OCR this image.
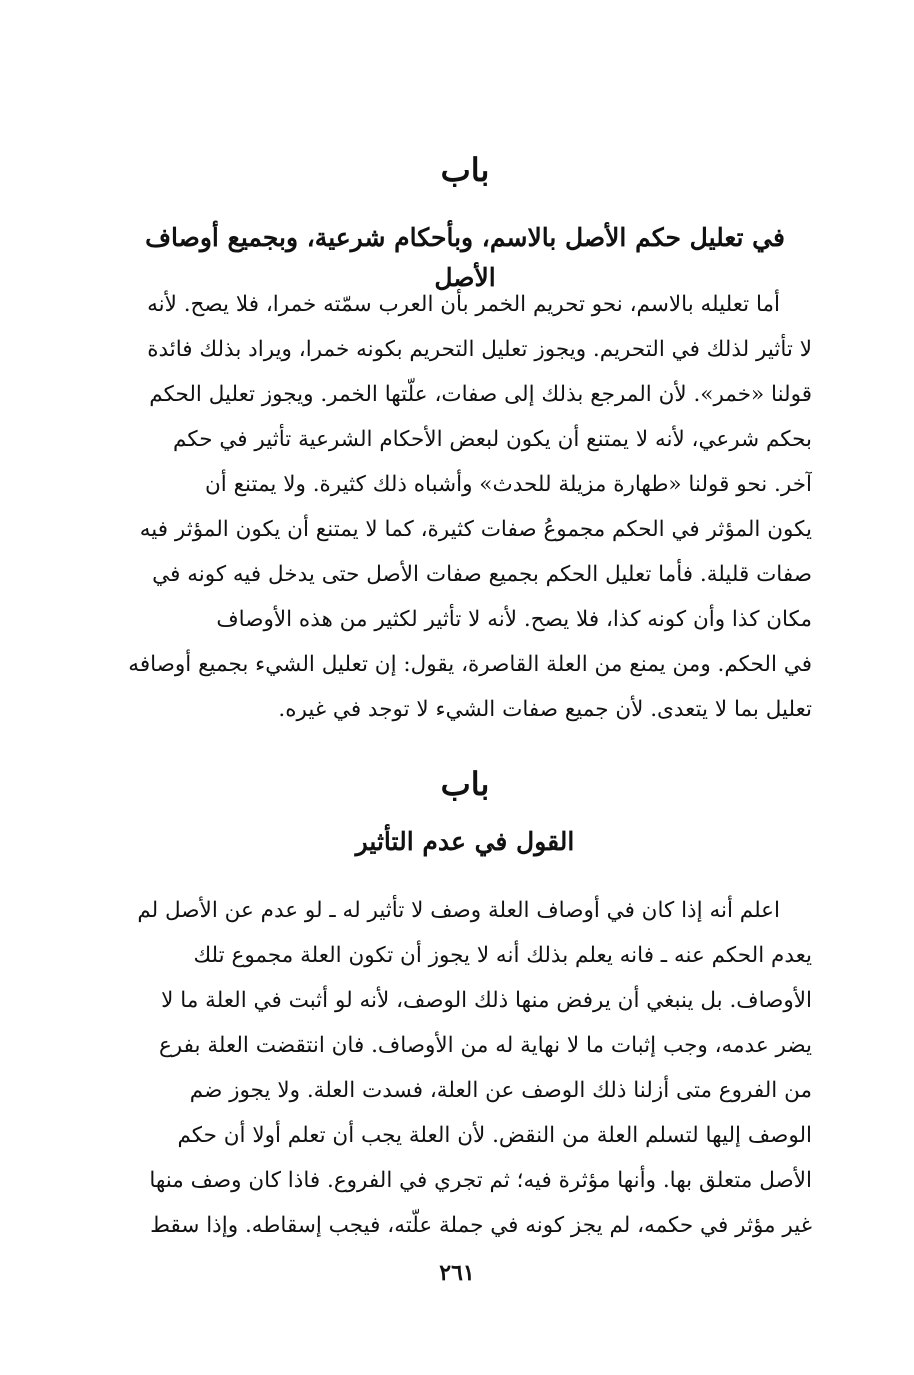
باب
في تعليل حكم الأصل بالاسم، وبأحكام شرعية، وبجميع أوصاف الأصل
أما تعليله بالاسم، نحو تحريم الخمر بأن العرب سمّته خمرا، فلا يصح. لأنه
لا تأثير لذلك في التحريم. ويجوز تعليل التحريم بكونه خمرا، ويراد بذلك فائدة
قولنا «خمر». لأن المرجع بذلك إلى صفات، علّتها الخمر. ويجوز تعليل الحكم
بحكم شرعي، لأنه لا يمتنع أن يكون لبعض الأحكام الشرعية تأثير في حكم
آخر. نحو قولنا «طهارة مزيلة للحدث» وأشباه ذلك كثيرة. ولا يمتنع أن
يكون المؤثر في الحكم مجموعُ صفات كثيرة، كما لا يمتنع أن يكون المؤثر فيه
صفات قليلة. فأما تعليل الحكم بجميع صفات الأصل حتى يدخل فيه كونه في
مكان كذا وأن كونه كذا، فلا يصح. لأنه لا تأثير لكثير من هذه الأوصاف
في الحكم. ومن يمنع من العلة القاصرة، يقول: إن تعليل الشيء بجميع أوصافه
تعليل بما لا يتعدى. لأن جميع صفات الشيء لا توجد في غيره.
باب
القول في عدم التأثير
اعلم أنه إذا كان في أوصاف العلة وصف لا تأثير له ـ لو عدم عن الأصل لم
يعدم الحكم عنه ـ فانه يعلم بذلك أنه لا يجوز أن تكون العلة مجموع تلك
الأوصاف. بل ينبغي أن يرفض منها ذلك الوصف، لأنه لو أثبت في العلة ما لا
يضر عدمه، وجب إثبات ما لا نهاية له من الأوصاف. فان انتقضت العلة بفرع
من الفروع متى أزلنا ذلك الوصف عن العلة، فسدت العلة. ولا يجوز ضم
الوصف إليها لتسلم العلة من النقض. لأن العلة يجب أن تعلم أولا أن حكم
الأصل متعلق بها. وأنها مؤثرة فيه؛ ثم تجري في الفروع. فاذا كان وصف منها
غير مؤثر في حكمه، لم يجز كونه في جملة علّته، فيجب إسقاطه. وإذا سقط
٢٦١
